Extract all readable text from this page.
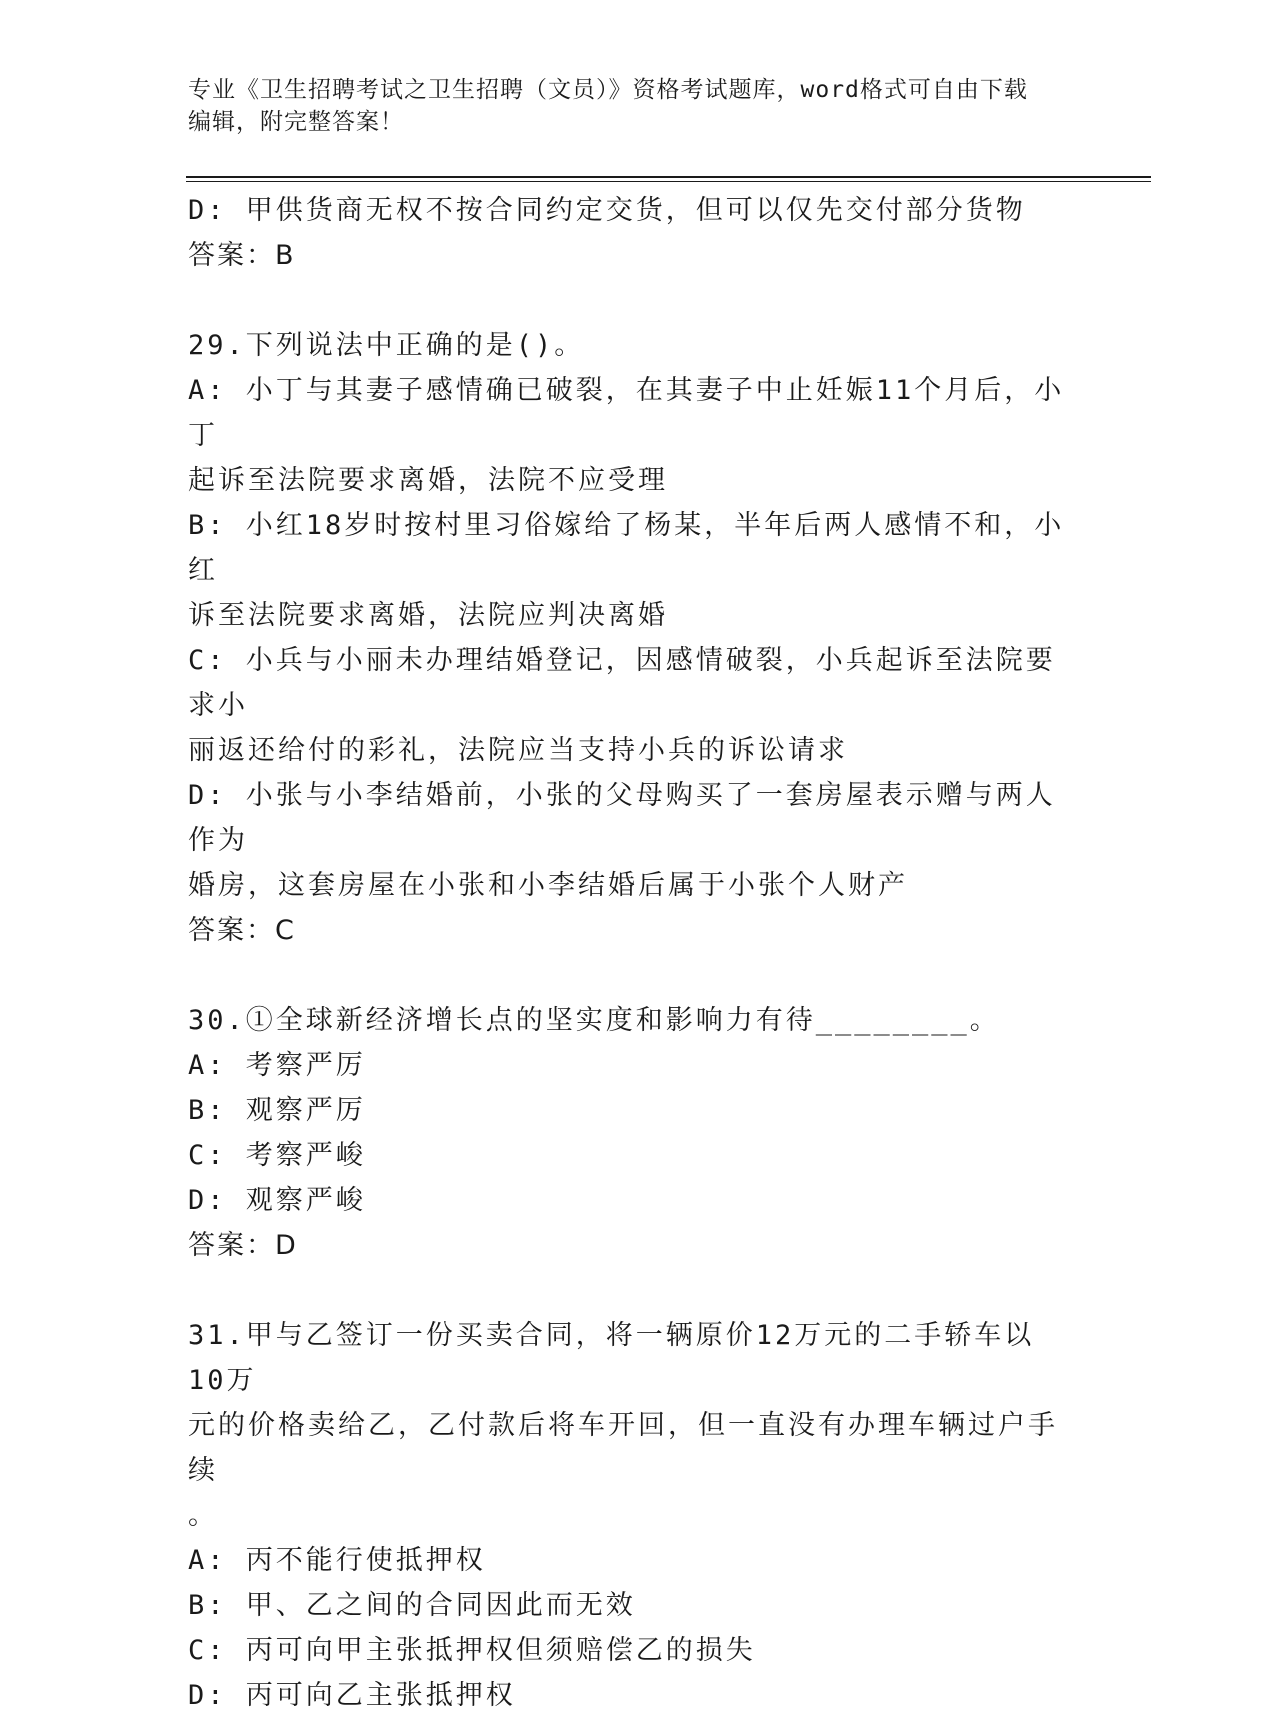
专业《卫生招聘考试之卫生招聘（文员）》资格考试题库，word格式可自由下载
编辑，附完整答案！
D: 甲供货商无权不按合同约定交货，但可以仅先交付部分货物
答案：B
29.下列说法中正确的是()。
A: 小丁与其妻子感情确已破裂，在其妻子中止妊娠11个月后，小丁
起诉至法院要求离婚，法院不应受理
B: 小红18岁时按村里习俗嫁给了杨某，半年后两人感情不和，小红
诉至法院要求离婚，法院应判决离婚
C: 小兵与小丽未办理结婚登记，因感情破裂，小兵起诉至法院要求小
丽返还给付的彩礼，法院应当支持小兵的诉讼请求
D: 小张与小李结婚前，小张的父母购买了一套房屋表示赠与两人作为
婚房，这套房屋在小张和小李结婚后属于小张个人财产
答案：C
30.①全球新经济增长点的坚实度和影响力有待________。
A: 考察严厉
B: 观察严厉
C: 考察严峻
D: 观察严峻
答案：D
31.甲与乙签订一份买卖合同，将一辆原价12万元的二手轿车以10万
元的价格卖给乙，乙付款后将车开回，但一直没有办理车辆过户手续
。
A: 丙不能行使抵押权
B: 甲、乙之间的合同因此而无效
C: 丙可向甲主张抵押权但须赔偿乙的损失
D: 丙可向乙主张抵押权
